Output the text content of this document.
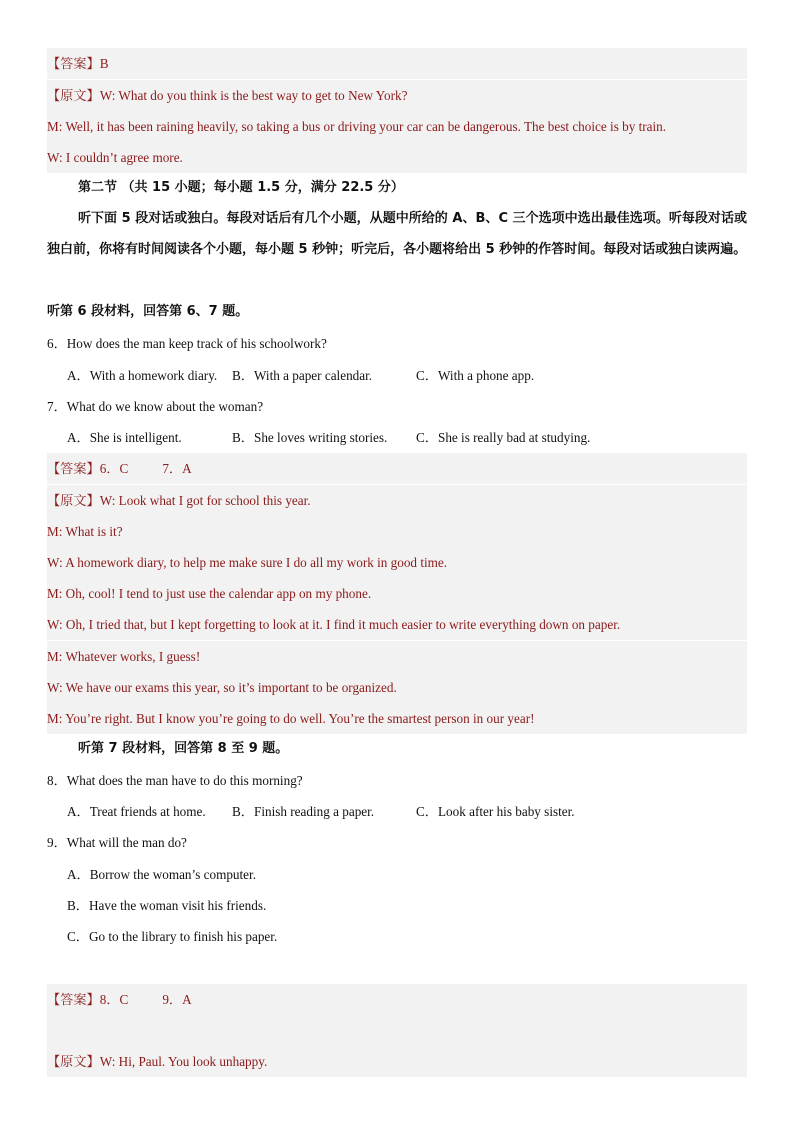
【答案】B
【原文】W: What do you think is the best way to get to New York?
M: Well, it has been raining heavily, so taking a bus or driving your car can be dangerous. The best choice is by train.
W: I couldn’t agree more.
第二节 （共 15 小题；每小题 1.5 分，满分 22.5 分）
听下面 5 段对话或独白。每段对话后有几个小题，从题中所给的 A、B、C 三个选项中选出最佳选项。听每段对话或独白前，你将有时间阅读各个小题，每小题 5 秒钟；听完后，各小题将给出 5 秒钟的作答时间。每段对话或独白读两遍。
听第 6 段材料，回答第 6、7 题。
6．How does the man keep track of his schoolwork?
A．With a homework diary. B．With a paper calendar.	C．With a phone app.
7．What do we know about the woman?
A．She is intelligent.	B．She loves writing stories. C．She is really bad at studying.
【答案】6．C	7．A
【原文】W: Look what I got for school this year.
M: What is it?
W: A homework diary, to help me make sure I do all my work in good time.
M: Oh, cool! I tend to just use the calendar app on my phone.
W: Oh, I tried that, but I kept forgetting to look at it. I find it much easier to write everything down on paper.
M: Whatever works, I guess!
W: We have our exams this year, so it’s important to be organized.
M: You’re right. But I know you’re going to do well. You’re the smartest person in our year!
听第 7 段材料，回答第 8 至 9 题。
8．What does the man have to do this morning?
A．Treat friends at home. B．Finish reading a paper.	C．Look after his baby sister.
9．What will the man do?
A．Borrow the woman’s computer.
B．Have the woman visit his friends.
C．Go to the library to finish his paper.
【答案】8．C	9．A
【原文】W: Hi, Paul. You look unhappy.
